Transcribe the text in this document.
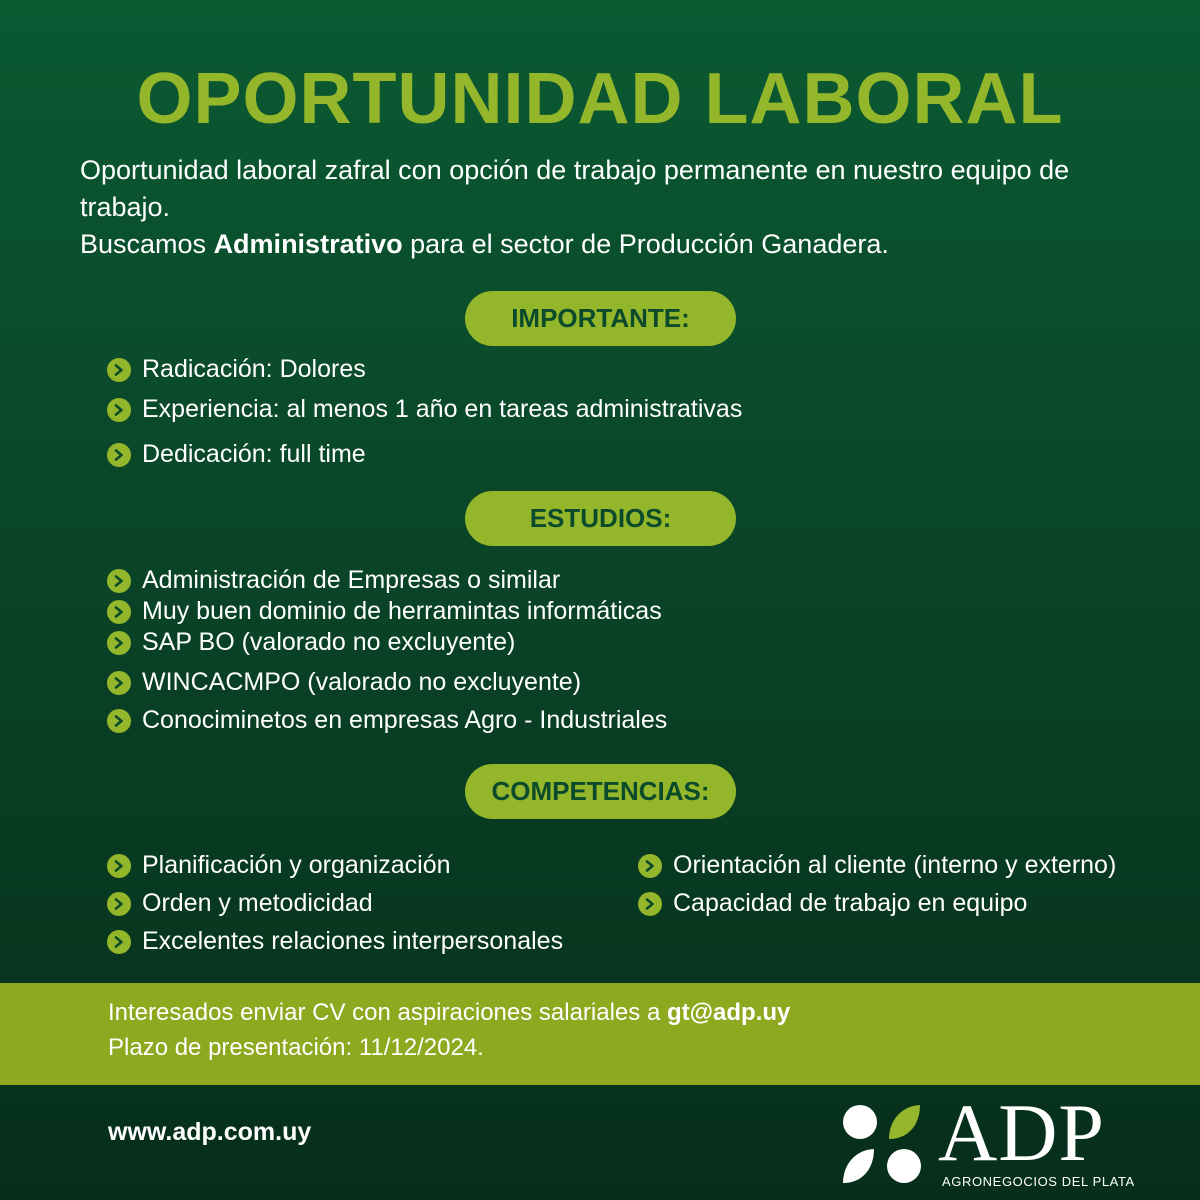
OPORTUNIDAD LABORAL
Oportunidad laboral zafral con opción de trabajo permanente en nuestro equipo de
trabajo.
Buscamos Administrativo para el sector de Producción Ganadera.
IMPORTANTE:
Radicación: Dolores
Experiencia: al menos 1 año en tareas administrativas
Dedicación: full time
ESTUDIOS:
Administración de Empresas o similar
Muy buen dominio de herramintas informáticas
SAP BO (valorado no excluyente)
WINCACMPO (valorado no excluyente)
Conociminetos en empresas Agro - Industriales
COMPETENCIAS:
Planificación y organización
Orden y metodicidad
Excelentes relaciones interpersonales
Orientación al cliente (interno y externo)
Capacidad de trabajo en equipo
Interesados enviar CV con aspiraciones salariales a gt@adp.uy
Plazo de presentación: 11/12/2024.
www.adp.com.uy	ADP
AGRONEGOCIOS DEL PLATA
